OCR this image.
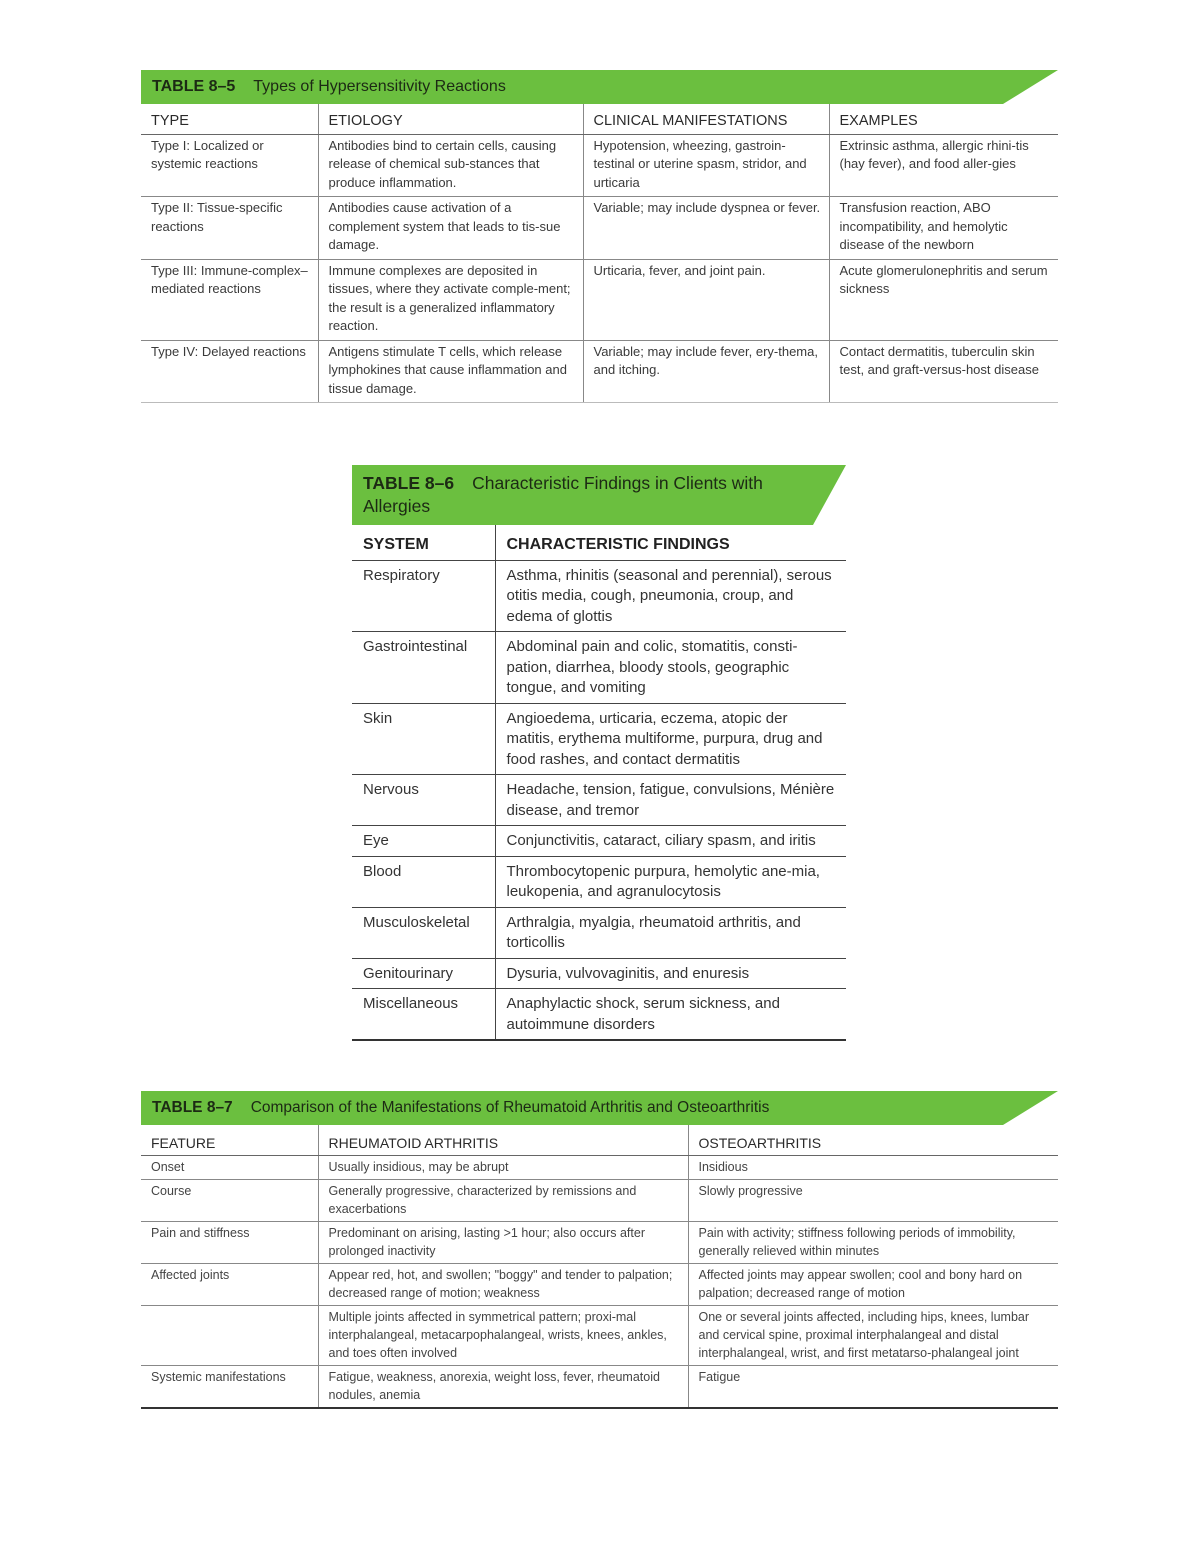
TABLE 8–5 Types of Hypersensitivity Reactions
TYPE	ETIOLOGY	CLINICAL MANIFESTATIONS	EXAMPLES
Type I: Localized or systemic reactions	Antibodies bind to certain cells, causing release of chemical sub-stances that produce inflammation.	Hypotension, wheezing, gastroin-testinal or uterine spasm, stridor, and urticaria	Extrinsic asthma, allergic rhini-tis (hay fever), and food aller-gies
Type II: Tissue-specific reactions	Antibodies cause activation of a complement system that leads to tis-sue damage.	Variable; may include dyspnea or fever.	Transfusion reaction, ABO incompatibility, and hemolytic disease of the newborn
Type III: Immune-complex–mediated reactions	Immune complexes are deposited in tissues, where they activate comple-ment; the result is a generalized inflammatory reaction.	Urticaria, fever, and joint pain.	Acute glomerulonephritis and serum sickness
Type IV: Delayed reactions	Antigens stimulate T cells, which release lymphokines that cause inflammation and tissue damage.	Variable; may include fever, ery-thema, and itching.	Contact dermatitis, tuberculin skin test, and graft-versus-host disease
TABLE 8–6 Characteristic Findings in Clients with Allergies
SYSTEM	CHARACTERISTIC FINDINGS
Respiratory	Asthma, rhinitis (seasonal and perennial), serous otitis media, cough, pneumonia, croup, and edema of glottis
Gastrointestinal	Abdominal pain and colic, stomatitis, consti-pation, diarrhea, bloody stools, geographic tongue, and vomiting
Skin	Angioedema, urticaria, eczema, atopic der matitis, erythema multiforme, purpura, drug and food rashes, and contact dermatitis
Nervous	Headache, tension, fatigue, convulsions, Ménière disease, and tremor
Eye	Conjunctivitis, cataract, ciliary spasm, and iritis
Blood	Thrombocytopenic purpura, hemolytic ane-mia, leukopenia, and agranulocytosis
Musculoskeletal	Arthralgia, myalgia, rheumatoid arthritis, and torticollis
Genitourinary	Dysuria, vulvovaginitis, and enuresis
Miscellaneous	Anaphylactic shock, serum sickness, and autoimmune disorders
TABLE 8–7 Comparison of the Manifestations of Rheumatoid Arthritis and Osteoarthritis
FEATURE	RHEUMATOID ARTHRITIS	OSTEOARTHRITIS
Onset	Usually insidious, may be abrupt	Insidious
Course	Generally progressive, characterized by remissions and exacerbations	Slowly progressive
Pain and stiffness	Predominant on arising, lasting >1 hour; also occurs after prolonged inactivity	Pain with activity; stiffness following periods of immobility, generally relieved within minutes
Affected joints	Appear red, hot, and swollen; "boggy" and tender to palpation; decreased range of motion; weakness	Affected joints may appear swollen; cool and bony hard on palpation; decreased range of motion
	Multiple joints affected in symmetrical pattern; proxi-mal interphalangeal, metacarpophalangeal, wrists, knees, ankles, and toes often involved	One or several joints affected, including hips, knees, lumbar and cervical spine, proximal interphalangeal and distal interphalangeal, wrist, and first metatarso-phalangeal joint
Systemic manifestations	Fatigue, weakness, anorexia, weight loss, fever, rheumatoid nodules, anemia	Fatigue
